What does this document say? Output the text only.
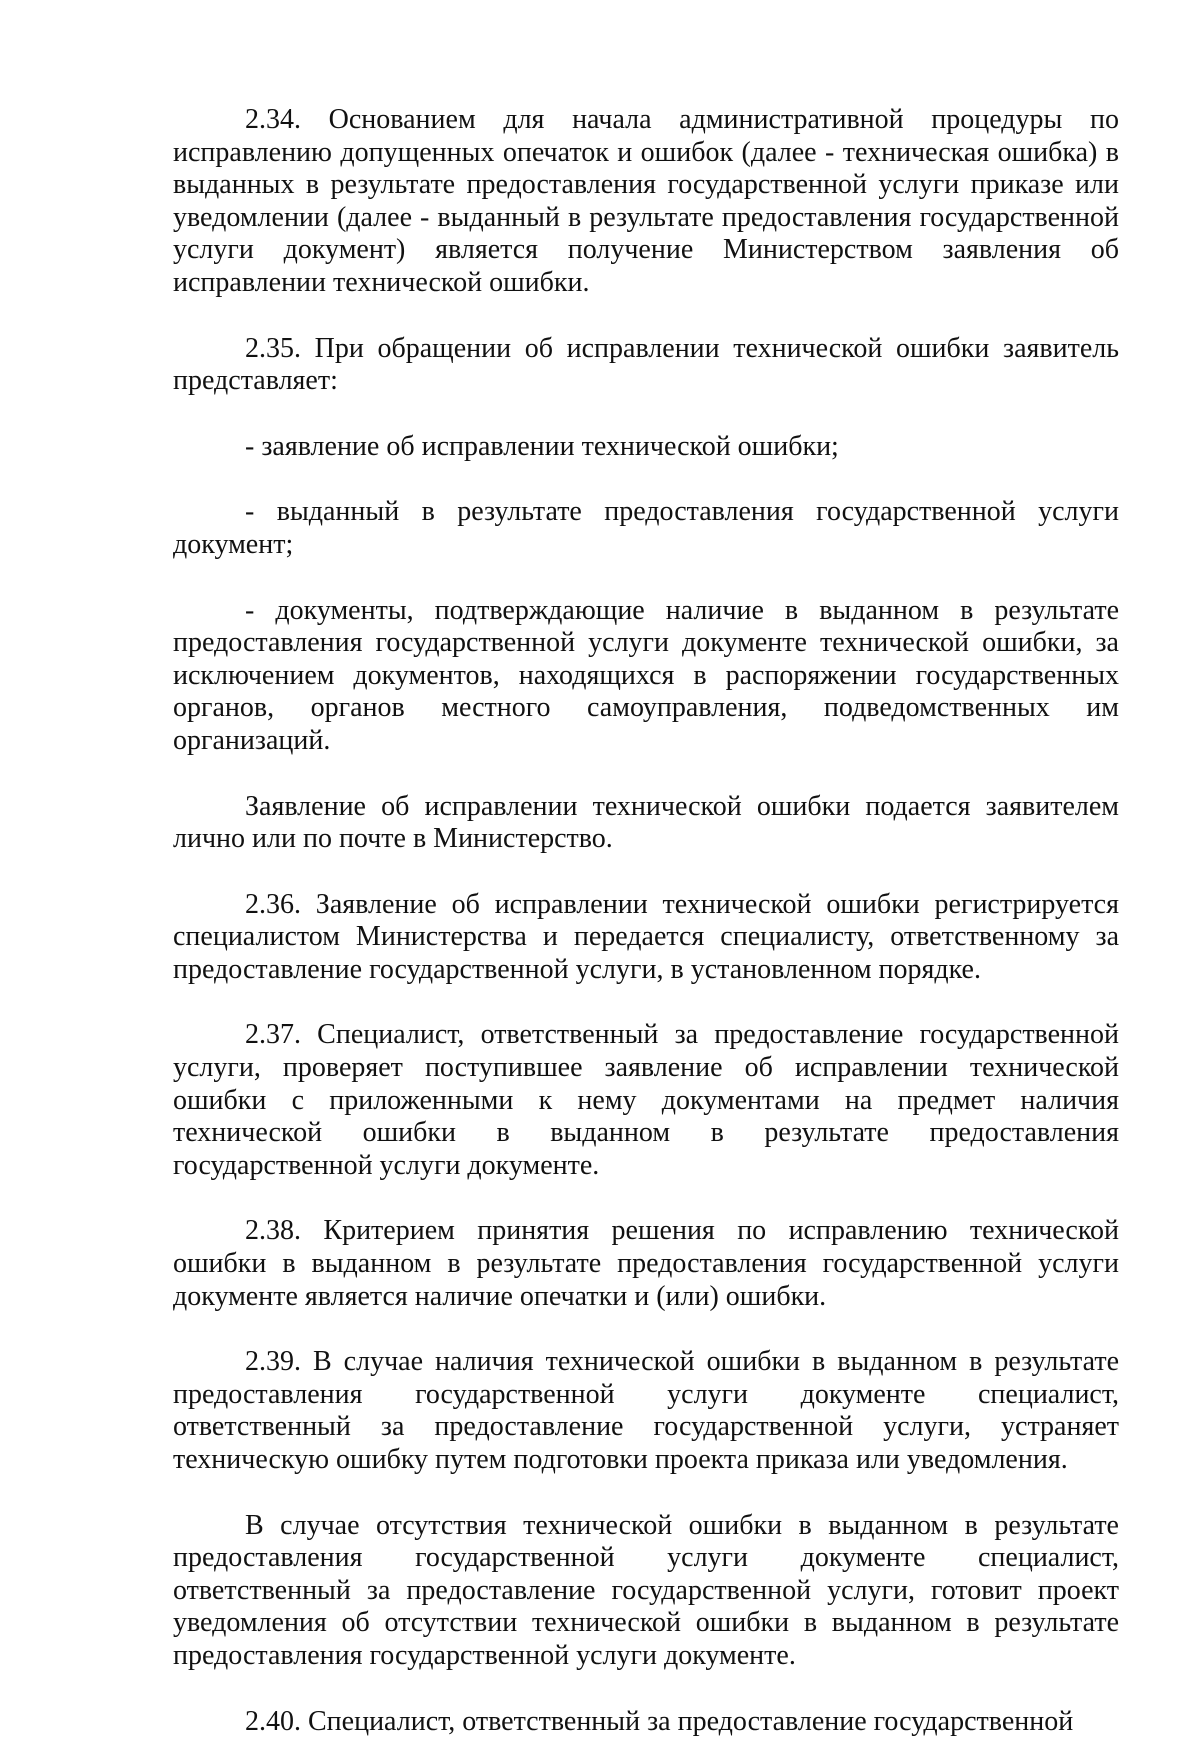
2.34. Основанием для начала административной процедуры по исправлению допущенных опечаток и ошибок (далее - техническая ошибка) в выданных в результате предоставления государственной услуги приказе или уведомлении (далее - выданный в результате предоставления государственной услуги документ) является получение Министерством заявления об исправлении технической ошибки.

2.35. При обращении об исправлении технической ошибки заявитель представляет:

- заявление об исправлении технической ошибки;

- выданный в результате предоставления государственной услуги документ;

- документы, подтверждающие наличие в выданном в результате предоставления государственной услуги документе технической ошибки, за исключением документов, находящихся в распоряжении государственных органов, органов местного самоуправления, подведомственных им организаций.

Заявление об исправлении технической ошибки подается заявителем лично или по почте в Министерство.

2.36. Заявление об исправлении технической ошибки регистрируется специалистом Министерства и передается специалисту, ответственному за предоставление государственной услуги, в установленном порядке.

2.37. Специалист, ответственный за предоставление государственной услуги, проверяет поступившее заявление об исправлении технической ошибки с приложенными к нему документами на предмет наличия технической ошибки в выданном в результате предоставления государственной услуги документе.

2.38. Критерием принятия решения по исправлению технической ошибки в выданном в результате предоставления государственной услуги документе является наличие опечатки и (или) ошибки.

2.39. В случае наличия технической ошибки в выданном в результате предоставления государственной услуги документе специалист, ответственный за предоставление государственной услуги, устраняет техническую ошибку путем подготовки проекта приказа или уведомления.

В случае отсутствия технической ошибки в выданном в результате предоставления государственной услуги документе специалист, ответственный за предоставление государственной услуги, готовит проект уведомления об отсутствии технической ошибки в выданном в результате предоставления государственной услуги документе.

2.40. Специалист, ответственный за предоставление государственной
